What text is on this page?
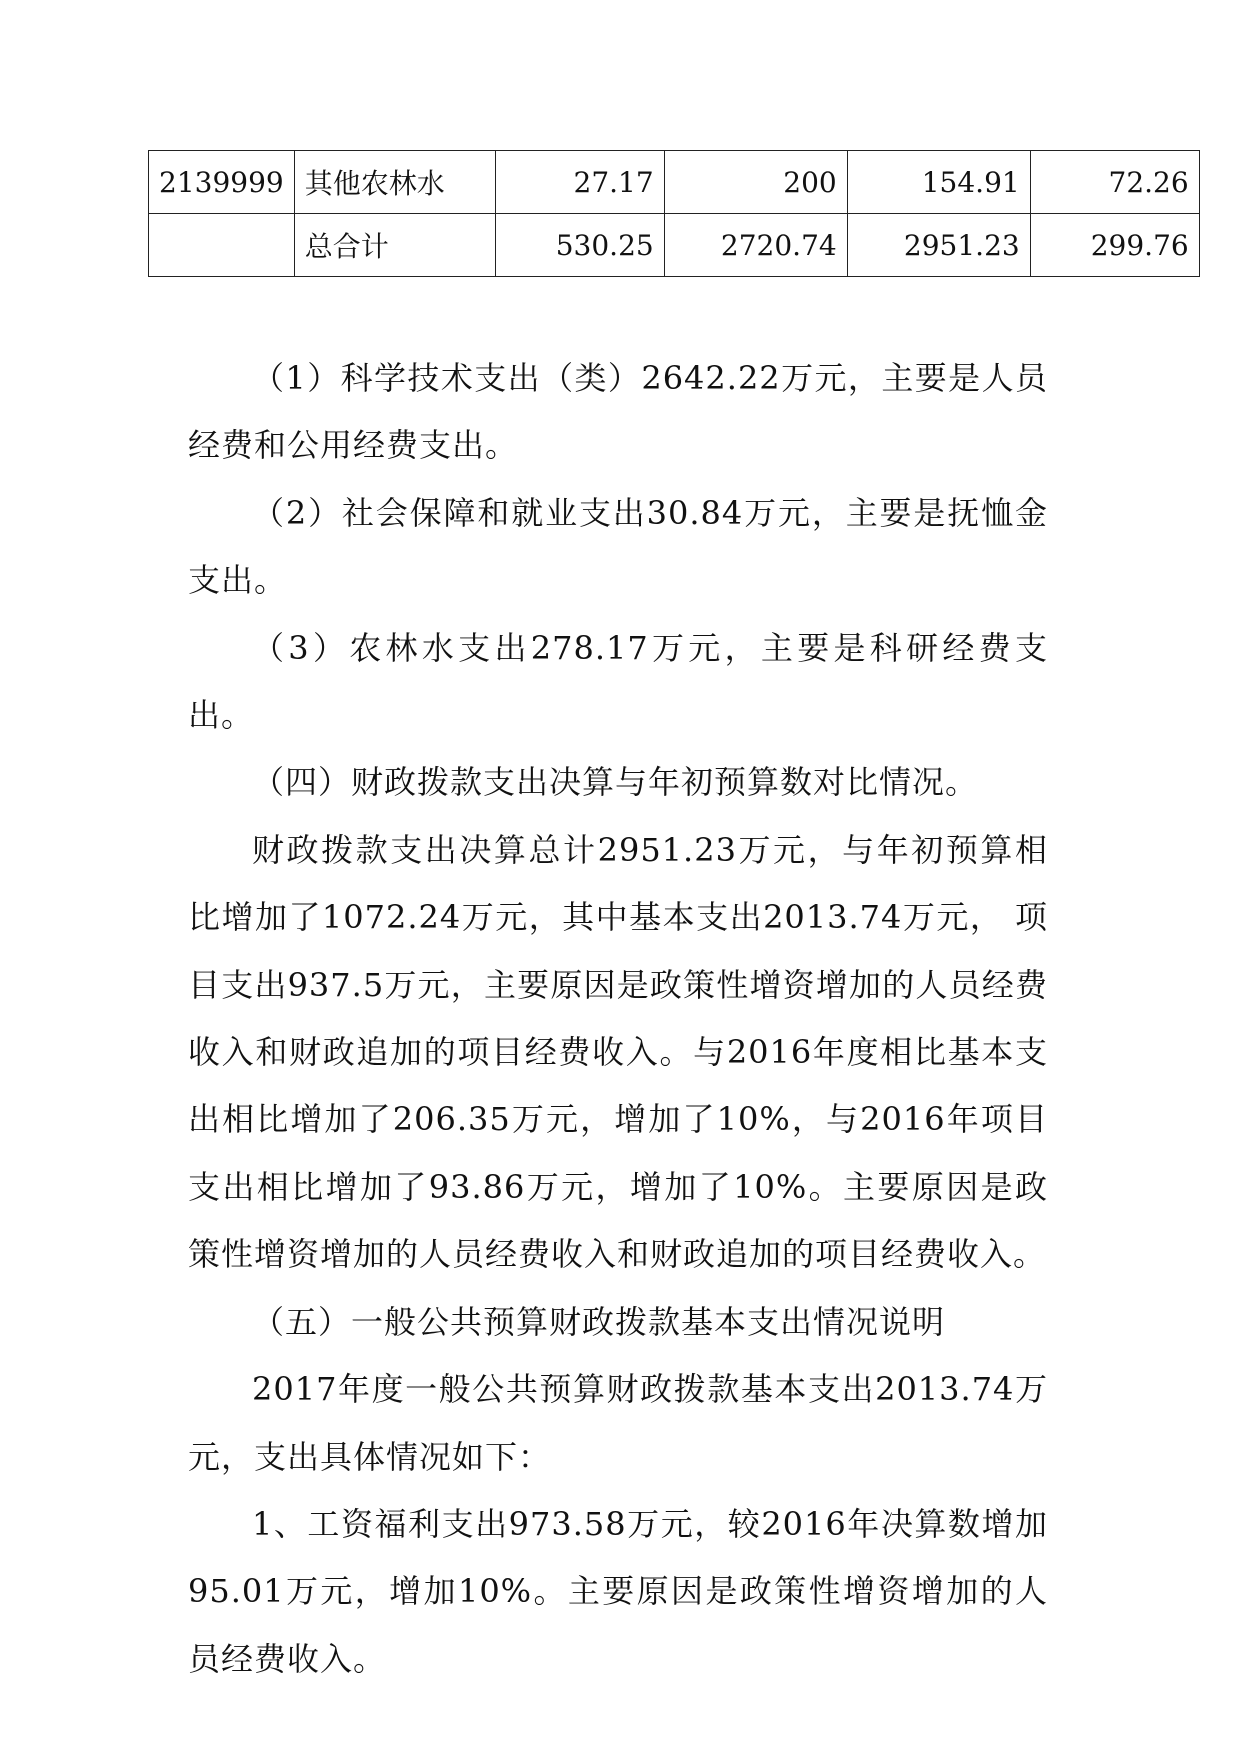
2139999	其他农林水	27.17	200	154.91	72.26
	总合计	530.25	2720.74	2951.23	299.76

（1）科学技术支出（类）2642.22万元，主要是人员经费和公用经费支出。

（2）社会保障和就业支出30.84万元，主要是抚恤金支出。

（3）农林水支出278.17万元，主要是科研经费支出。

（四）财政拨款支出决算与年初预算数对比情况。

财政拨款支出决算总计2951.23万元，与年初预算相比增加了1072.24万元，其中基本支出2013.74万元， 项目支出937.5万元，主要原因是政策性增资增加的人员经费收入和财政追加的项目经费收入。与2016年度相比基本支出相比增加了206.35万元，增加了10%，与2016年项目支出相比增加了93.86万元，增加了10%。主要原因是政策性增资增加的人员经费收入和财政追加的项目经费收入。

（五）一般公共预算财政拨款基本支出情况说明

2017年度一般公共预算财政拨款基本支出2013.74万元，支出具体情况如下：

1、工资福利支出973.58万元，较2016年决算数增加95.01万元，增加10%。主要原因是政策性增资增加的人员经费收入。
